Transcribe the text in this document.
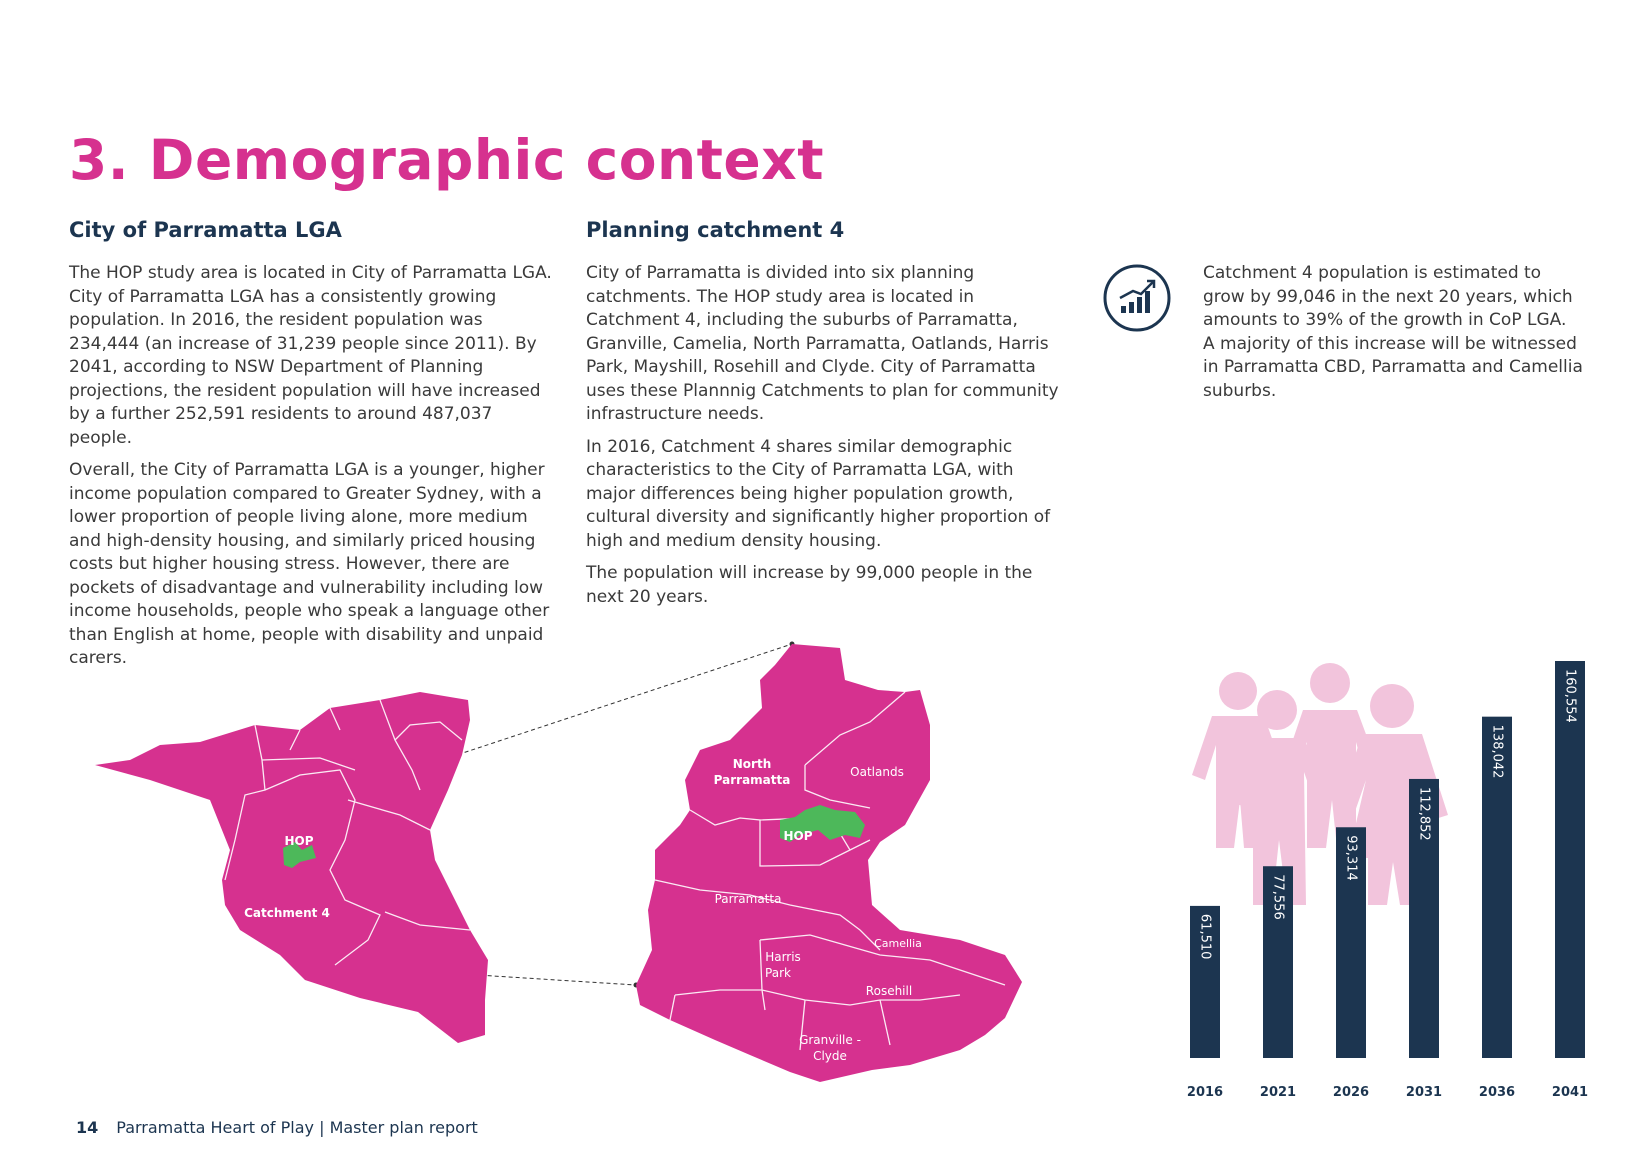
3. Demographic context
City of Parramatta LGA	Planning catchment 4

The HOP study area is located in City of Parramatta LGA. City of Parramatta LGA has a consistently growing population. In 2016, the resident population was 234,444 (an increase of 31,239 people since 2011). By 2041, according to NSW Department of Planning projections, the resident population will have increased by a further 252,591 residents to around 487,037 people.

Overall, the City of Parramatta LGA is a younger, higher income population compared to Greater Sydney, with a lower proportion of people living alone, more medium and high-density housing, and similarly priced housing costs but higher housing stress. However, there are pockets of disadvantage and vulnerability including low income households, people who speak a language other than English at home, people with disability and unpaid carers.

City of Parramatta is divided into six planning catchments. The HOP study area is located in Catchment 4, including the suburbs of Parramatta, Granville, Camelia, North Parramatta, Oatlands, Harris Park, Mayshill, Rosehill and Clyde. City of Parramatta uses these Plannnig Catchments to plan for community infrastructure needs.

In 2016, Catchment 4 shares similar demographic characteristics to the City of Parramatta LGA, with major differences being higher population growth, cultural diversity and significantly higher proportion of high and medium density housing.

The population will increase by 99,000 people in the next 20 years.

Catchment 4 population is estimated to grow by 99,046 in the next 20 years, which amounts to 39% of the growth in CoP LGA. A majority of this increase will be witnessed in Parramatta CBD, Parramatta and Camellia suburbs.

HOP
Catchment 4
North
Parramatta
Oatlands
HOP
Parramatta
Camellia
Harris
Park
Rosehill
Granville -
Clyde
61,510
2016
77,556
2021
93,314
2026
112,852
2031
138,042
2036
160,554
2041
14 Parramatta Heart of Play | Master plan report
